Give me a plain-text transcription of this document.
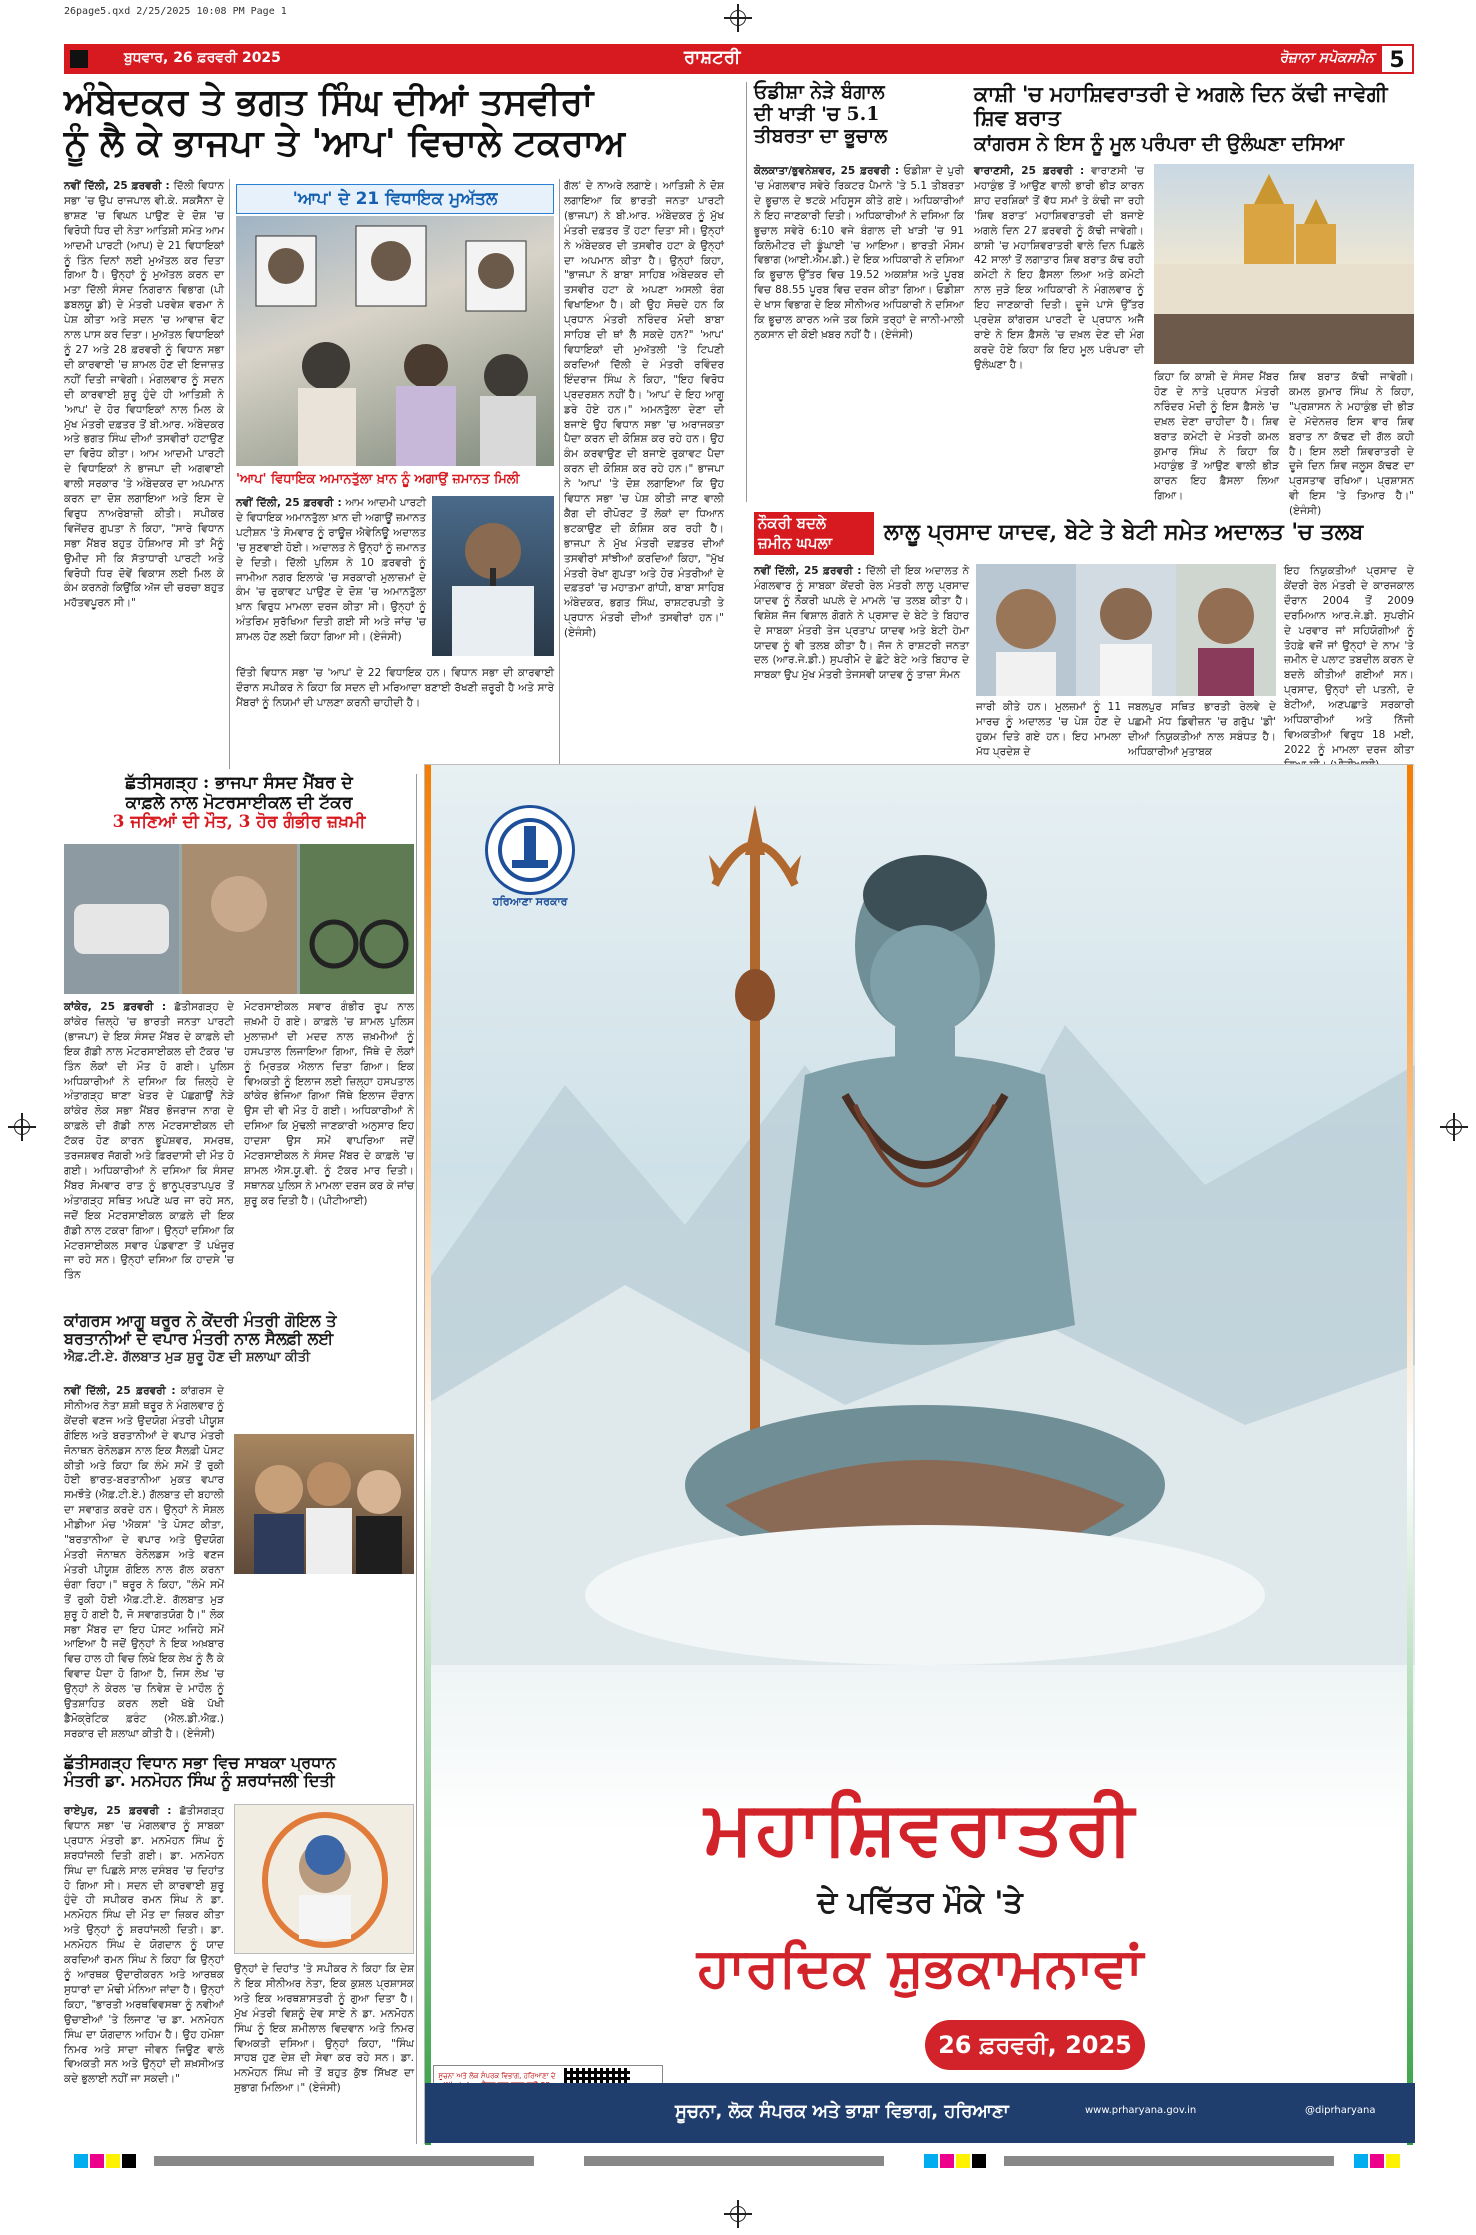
26page5.qxd 2/25/2025 10:08 PM Page 1
ਬੁਧਵਾਰ, 26 ਫ਼ਰਵਰੀ 2025	ਰਾਸ਼ਟਰੀ	ਰੋਜ਼ਾਨਾ ਸਪੋਕਸਮੈਨ 5
ਅੰਬੇਦਕਰ ਤੇ ਭਗਤ ਸਿੰਘ ਦੀਆਂ ਤਸਵੀਰਾਂ
ਨੂੰ ਲੈ ਕੇ ਭਾਜਪਾ ਤੇ 'ਆਪ' ਵਿਚਾਲੇ ਟਕਰਾਅ
ਨਵੀਂ ਦਿੱਲੀ, 25 ਫ਼ਰਵਰੀ : ਦਿੱਲੀ ਵਿਧਾਨ ਸਭਾ 'ਚ ਉਪ ਰਾਜਪਾਲ ਵੀ.ਕੇ. ਸਕਸੈਨਾ ਦੇ ਭਾਸ਼ਣ 'ਚ ਵਿਘਨ ਪਾਉਣ ਦੇ ਦੋਸ਼ 'ਚ ਵਿਰੋਧੀ ਧਿਰ ਦੀ ਨੇਤਾ ਆਤਿਸ਼ੀ ਸਮੇਤ ਆਮ ਆਦਮੀ ਪਾਰਟੀ (ਆਪ) ਦੇ 21 ਵਿਧਾਇਕਾਂ ਨੂੰ ਤਿੰਨ ਦਿਨਾਂ ਲਈ ਮੁਅੱਤਲ ਕਰ ਦਿਤਾ ਗਿਆ ਹੈ। ਉਨ੍ਹਾਂ ਨੂੰ ਮੁਅੱਤਲ ਕਰਨ ਦਾ ਮਤਾ ਦਿੱਲੀ ਸੰਸਦ ਨਿਗਰਾਨ ਵਿਭਾਗ (ਪੀ ਡਬਲਯੂ ਡੀ) ਦੇ ਮੰਤਰੀ ਪਰਵੇਸ਼ ਵਰਮਾ ਨੇ ਪੇਸ਼ ਕੀਤਾ ਅਤੇ ਸਦਨ 'ਚ ਆਵਾਜ਼ ਵੋਟ ਨਾਲ ਪਾਸ ਕਰ ਦਿਤਾ। ਮੁਅੱਤਲ ਵਿਧਾਇਕਾਂ ਨੂੰ 27 ਅਤੇ 28 ਫ਼ਰਵਰੀ ਨੂੰ ਵਿਧਾਨ ਸਭਾ ਦੀ ਕਾਰਵਾਈ 'ਚ ਸ਼ਾਮਲ ਹੋਣ ਦੀ ਇਜਾਜ਼ਤ ਨਹੀਂ ਦਿਤੀ ਜਾਵੇਗੀ। ਮੰਗਲਵਾਰ ਨੂੰ ਸਦਨ ਦੀ ਕਾਰਵਾਈ ਸ਼ੁਰੂ ਹੁੰਦੇ ਹੀ ਆਤਿਸ਼ੀ ਨੇ 'ਆਪ' ਦੇ ਹੋਰ ਵਿਧਾਇਕਾਂ ਨਾਲ ਮਿਲ ਕੇ ਮੁੱਖ ਮੰਤਰੀ ਦਫ਼ਤਰ ਤੋਂ ਬੀ.ਆਰ. ਅੰਬੇਦਕਰ ਅਤੇ ਭਗਤ ਸਿੰਘ ਦੀਆਂ ਤਸਵੀਰਾਂ ਹਟਾਉਣ ਦਾ ਵਿਰੋਧ ਕੀਤਾ। ਆਮ ਆਦਮੀ ਪਾਰਟੀ ਦੇ ਵਿਧਾਇਕਾਂ ਨੇ ਭਾਜਪਾ ਦੀ ਅਗਵਾਈ ਵਾਲੀ ਸਰਕਾਰ 'ਤੇ ਅੰਬੇਦਕਰ ਦਾ ਅਪਮਾਨ ਕਰਨ ਦਾ ਦੋਸ਼ ਲਗਾਇਆ ਅਤੇ ਇਸ ਦੇ ਵਿਰੁਧ ਨਾਅਰੇਬਾਜ਼ੀ ਕੀਤੀ। ਸਪੀਕਰ ਵਿਜੇਂਦਰ ਗੁਪਤਾ ਨੇ ਕਿਹਾ, "ਸਾਰੇ ਵਿਧਾਨ ਸਭਾ ਮੈਂਬਰ ਬਹੁਤ ਹੋਸ਼ਿਆਰ ਸੀ ਤਾਂ ਮੈਨੂੰ ਉਮੀਦ ਸੀ ਕਿ ਸੱਤਾਧਾਰੀ ਪਾਰਟੀ ਅਤੇ ਵਿਰੋਧੀ ਧਿਰ ਦੋਵੇਂ ਵਿਕਾਸ ਲਈ ਮਿਲ ਕੇ ਕੰਮ ਕਰਨਗੇ ਕਿਉਂਕਿ ਅੱਜ ਦੀ ਚਰਚਾ ਬਹੁਤ ਮਹੱਤਵਪੂਰਨ ਸੀ।"
'ਆਪ' ਦੇ 21 ਵਿਧਾਇਕ ਮੁਅੱਤਲ
ਗੱਲ' ਦੇ ਨਾਅਰੇ ਲਗਾਏ। ਆਤਿਸ਼ੀ ਨੇ ਦੋਸ਼ ਲਗਾਇਆ ਕਿ ਭਾਰਤੀ ਜਨਤਾ ਪਾਰਟੀ (ਭਾਜਪਾ) ਨੇ ਬੀ.ਆਰ. ਅੰਬੇਦਕਰ ਨੂੰ ਮੁੱਖ ਮੰਤਰੀ ਦਫ਼ਤਰ ਤੋਂ ਹਟਾ ਦਿਤਾ ਸੀ। ਉਨ੍ਹਾਂ ਨੇ ਅੰਬੇਦਕਰ ਦੀ ਤਸਵੀਰ ਹਟਾ ਕੇ ਉਨ੍ਹਾਂ ਦਾ ਅਪਮਾਨ ਕੀਤਾ ਹੈ। ਉਨ੍ਹਾਂ ਕਿਹਾ, "ਭਾਜਪਾ ਨੇ ਬਾਬਾ ਸਾਹਿਬ ਅੰਬੇਦਕਰ ਦੀ ਤਸਵੀਰ ਹਟਾ ਕੇ ਅਪਣਾ ਅਸਲੀ ਰੰਗ ਵਿਖਾਇਆ ਹੈ। ਕੀ ਉਹ ਸੋਚਦੇ ਹਨ ਕਿ ਪ੍ਰਧਾਨ ਮੰਤਰੀ ਨਰਿੰਦਰ ਮੋਦੀ ਬਾਬਾ ਸਾਹਿਬ ਦੀ ਥਾਂ ਲੈ ਸਕਦੇ ਹਨ?" 'ਆਪ' ਵਿਧਾਇਕਾਂ ਦੀ ਮੁਅੱਤਲੀ 'ਤੇ ਟਿਪਣੀ ਕਰਦਿਆਂ ਦਿੱਲੀ ਦੇ ਮੰਤਰੀ ਰਵਿੰਦਰ ਇੰਦਰਾਜ ਸਿੰਘ ਨੇ ਕਿਹਾ, "ਇਹ ਵਿਰੋਧ ਪ੍ਰਦਰਸ਼ਨ ਨਹੀਂ ਹੈ। 'ਆਪ' ਦੇ ਇਹ ਆਗੂ ਡਰੇ ਹੋਏ ਹਨ।" ਅਮਨਤੁੱਲਾ ਦੇਣਾ ਦੀ ਬਜਾਏ ਉਹ ਵਿਧਾਨ ਸਭਾ 'ਚ ਅਰਾਜਕਤਾ ਪੈਦਾ ਕਰਨ ਦੀ ਕੋਸ਼ਿਸ਼ ਕਰ ਰਹੇ ਹਨ। ਉਹ ਕੰਮ ਕਰਵਾਉਣ ਦੀ ਬਜਾਏ ਰੁਕਾਵਟ ਪੈਦਾ ਕਰਨ ਦੀ ਕੋਸ਼ਿਸ਼ ਕਰ ਰਹੇ ਹਨ।" ਭਾਜਪਾ ਨੇ 'ਆਪ' 'ਤੇ ਦੋਸ਼ ਲਗਾਇਆ ਕਿ ਉਹ ਵਿਧਾਨ ਸਭਾ 'ਚ ਪੇਸ਼ ਕੀਤੀ ਜਾਣ ਵਾਲੀ ਕੈਗ ਦੀ ਰੀਪੋਰਟ ਤੋਂ ਲੋਕਾਂ ਦਾ ਧਿਆਨ ਭਟਕਾਉਣ ਦੀ ਕੋਸ਼ਿਸ਼ ਕਰ ਰਹੀ ਹੈ। ਭਾਜਪਾ ਨੇ ਮੁੱਖ ਮੰਤਰੀ ਦਫ਼ਤਰ ਦੀਆਂ ਤਸਵੀਰਾਂ ਸਾਂਝੀਆਂ ਕਰਦਿਆਂ ਕਿਹਾ, "ਮੁੱਖ ਮੰਤਰੀ ਰੇਖਾ ਗੁਪਤਾ ਅਤੇ ਹੋਰ ਮੰਤਰੀਆਂ ਦੇ ਦਫ਼ਤਰਾਂ 'ਚ ਮਹਾਤਮਾ ਗਾਂਧੀ, ਬਾਬਾ ਸਾਹਿਬ ਅੰਬੇਦਕਰ, ਭਗਤ ਸਿੰਘ, ਰਾਸ਼ਟਰਪਤੀ ਤੇ ਪ੍ਰਧਾਨ ਮੰਤਰੀ ਦੀਆਂ ਤਸਵੀਰਾਂ ਹਨ।" (ਏਜੰਸੀ)
'ਆਪ' ਵਿਧਾਇਕ ਅਮਾਨਤੁੱਲਾ ਖ਼ਾਨ ਨੂੰ ਅਗਾਉਂ ਜ਼ਮਾਨਤ ਮਿਲੀ
ਨਵੀਂ ਦਿੱਲੀ, 25 ਫ਼ਰਵਰੀ : ਆਮ ਆਦਮੀ ਪਾਰਟੀ ਦੇ ਵਿਧਾਇਕ ਅਮਾਨਤੁੱਲਾ ਖ਼ਾਨ ਦੀ ਅਗਾਊਂ ਜ਼ਮਾਨਤ ਪਟੀਸ਼ਨ 'ਤੇ ਸੋਮਵਾਰ ਨੂੰ ਰਾਊਜ਼ ਐਵੇਨਿਊ ਅਦਾਲਤ 'ਚ ਸੁਣਵਾਈ ਹੋਈ। ਅਦਾਲਤ ਨੇ ਉਨ੍ਹਾਂ ਨੂੰ ਜ਼ਮਾਨਤ ਦੇ ਦਿਤੀ। ਦਿੱਲੀ ਪੁਲਿਸ ਨੇ 10 ਫ਼ਰਵਰੀ ਨੂੰ ਜਾਮੀਆ ਨਗਰ ਇਲਾਕੇ 'ਚ ਸਰਕਾਰੀ ਮੁਲਾਜ਼ਮਾਂ ਦੇ ਕੰਮ 'ਚ ਰੁਕਾਵਟ ਪਾਉਣ ਦੇ ਦੋਸ਼ 'ਚ ਅਮਾਨਤੁੱਲਾ ਖ਼ਾਨ ਵਿਰੁਧ ਮਾਮਲਾ ਦਰਜ ਕੀਤਾ ਸੀ। ਉਨ੍ਹਾਂ ਨੂੰ ਅੰਤਰਿਮ ਸੁਰੱਖਿਆ ਦਿਤੀ ਗਈ ਸੀ ਅਤੇ ਜਾਂਚ 'ਚ ਸ਼ਾਮਲ ਹੋਣ ਲਈ ਕਿਹਾ ਗਿਆ ਸੀ। (ਏਜੰਸੀ)
ਦਿੱਤੀ ਵਿਧਾਨ ਸਭਾ 'ਚ 'ਆਪ' ਦੇ 22 ਵਿਧਾਇਕ ਹਨ। ਵਿਧਾਨ ਸਭਾ ਦੀ ਕਾਰਵਾਈ ਦੌਰਾਨ ਸਪੀਕਰ ਨੇ ਕਿਹਾ ਕਿ ਸਦਨ ਦੀ ਮਰਿਆਦਾ ਬਣਾਈ ਰੱਖਣੀ ਜ਼ਰੂਰੀ ਹੈ ਅਤੇ ਸਾਰੇ ਮੈਂਬਰਾਂ ਨੂੰ ਨਿਯਮਾਂ ਦੀ ਪਾਲਣਾ ਕਰਨੀ ਚਾਹੀਦੀ ਹੈ।
ਓਡੀਸ਼ਾ ਨੇੜੇ ਬੰਗਾਲ
ਦੀ ਖਾੜੀ 'ਚ 5.1
ਤੀਬਰਤਾ ਦਾ ਭੂਚਾਲ
ਕੋਲਕਾਤਾ/ਭੁਵਨੇਸ਼ਵਰ, 25 ਫ਼ਰਵਰੀ : ਓਡੀਸ਼ਾ ਦੇ ਪੁਰੀ 'ਚ ਮੰਗਲਵਾਰ ਸਵੇਰੇ ਰਿਕਟਰ ਪੈਮਾਨੇ 'ਤੇ 5.1 ਤੀਬਰਤਾ ਦੇ ਭੂਚਾਲ ਦੇ ਝਟਕੇ ਮਹਿਸੂਸ ਕੀਤੇ ਗਏ। ਅਧਿਕਾਰੀਆਂ ਨੇ ਇਹ ਜਾਣਕਾਰੀ ਦਿਤੀ। ਅਧਿਕਾਰੀਆਂ ਨੇ ਦਸਿਆ ਕਿ ਭੂਚਾਲ ਸਵੇਰੇ 6:10 ਵਜੇ ਬੰਗਾਲ ਦੀ ਖਾੜੀ 'ਚ 91 ਕਿਲੋਮੀਟਰ ਦੀ ਡੂੰਘਾਈ 'ਚ ਆਇਆ। ਭਾਰਤੀ ਮੌਸਮ ਵਿਭਾਗ (ਆਈ.ਐਮ.ਡੀ.) ਦੇ ਇਕ ਅਧਿਕਾਰੀ ਨੇ ਦਸਿਆ ਕਿ ਭੂਚਾਲ ਉੱਤਰ ਵਿਚ 19.52 ਅਕਸ਼ਾਂਸ਼ ਅਤੇ ਪੂਰਬ ਵਿਚ 88.55 ਪੂਰਬ ਵਿਚ ਦਰਜ ਕੀਤਾ ਗਿਆ। ਓਡੀਸ਼ਾ ਦੇ ਖਾਸ ਵਿਭਾਗ ਦੇ ਇਕ ਸੀਨੀਅਰ ਅਧਿਕਾਰੀ ਨੇ ਦਸਿਆ ਕਿ ਭੂਚਾਲ ਕਾਰਨ ਅਜੇ ਤਕ ਕਿਸੇ ਤਰ੍ਹਾਂ ਦੇ ਜਾਨੀ-ਮਾਲੀ ਨੁਕਸਾਨ ਦੀ ਕੋਈ ਖ਼ਬਰ ਨਹੀਂ ਹੈ। (ਏਜੰਸੀ)
ਕਾਸ਼ੀ 'ਚ ਮਹਾਸ਼ਿਵਰਾਤਰੀ ਦੇ ਅਗਲੇ ਦਿਨ ਕੱਢੀ ਜਾਵੇਗੀ ਸ਼ਿਵ ਬਰਾਤ
ਕਾਂਗਰਸ ਨੇ ਇਸ ਨੂੰ ਮੂਲ ਪਰੰਪਰਾ ਦੀ ਉਲੰਘਣਾ ਦਸਿਆ
ਵਾਰਾਣਸੀ, 25 ਫ਼ਰਵਰੀ : ਵਾਰਾਣਸੀ 'ਚ ਮਹਾਕੁੰਭ ਤੋਂ ਆਉਣ ਵਾਲੀ ਭਾਰੀ ਭੀੜ ਕਾਰਨ ਸ਼ਾਹ ਦਰਸ਼ਿਕਾਂ ਤੋਂ ਵੱਧ ਸਮਾਂ ਤੇ ਕੰਢੀ ਜਾ ਰਹੀ 'ਸ਼ਿਵ ਬਰਾਤ' ਮਹਾਸ਼ਿਵਰਾਤਰੀ ਦੀ ਬਜਾਏ ਅਗਲੇ ਦਿਨ 27 ਫ਼ਰਵਰੀ ਨੂੰ ਕੱਢੀ ਜਾਵੇਗੀ। ਕਾਸ਼ੀ 'ਚ ਮਹਾਸ਼ਿਵਰਾਤਰੀ ਵਾਲੇ ਦਿਨ ਪਿਛਲੇ 42 ਸਾਲਾਂ ਤੋਂ ਲਗਾਤਾਰ ਸ਼ਿਵ ਬਰਾਤ ਕੱਢ ਰਹੀ ਕਮੇਟੀ ਨੇ ਇਹ ਫ਼ੈਸਲਾ ਲਿਆ ਅਤੇ ਕਮੇਟੀ ਨਾਲ ਜੁੜੇ ਇਕ ਅਧਿਕਾਰੀ ਨੇ ਮੰਗਲਵਾਰ ਨੂੰ ਇਹ ਜਾਣਕਾਰੀ ਦਿਤੀ। ਦੂਜੇ ਪਾਸੇ ਉੱਤਰ ਪ੍ਰਦੇਸ਼ ਕਾਂਗਰਸ ਪਾਰਟੀ ਦੇ ਪ੍ਰਧਾਨ ਅਜੈ ਰਾਏ ਨੇ ਇਸ ਫ਼ੈਸਲੇ 'ਚ ਦਖ਼ਲ ਦੇਣ ਦੀ ਮੰਗ ਕਰਦੇ ਹੋਏ ਕਿਹਾ ਕਿ ਇਹ ਮੂਲ ਪਰੰਪਰਾ ਦੀ ਉਲੰਘਣਾ ਹੈ।
ਕਿਹਾ ਕਿ ਕਾਸ਼ੀ ਦੇ ਸੰਸਦ ਮੈਂਬਰ ਹੋਣ ਦੇ ਨਾਤੇ ਪ੍ਰਧਾਨ ਮੰਤਰੀ ਨਰਿੰਦਰ ਮੋਦੀ ਨੂੰ ਇਸ ਫ਼ੈਸਲੇ 'ਚ ਦਖ਼ਲ ਦੇਣਾ ਚਾਹੀਦਾ ਹੈ। ਸ਼ਿਵ ਬਰਾਤ ਕਮੇਟੀ ਦੇ ਮੰਤਰੀ ਕਮਲ ਕੁਮਾਰ ਸਿੰਘ ਨੇ ਕਿਹਾ ਕਿ ਮਹਾਕੁੰਭ ਤੋਂ ਆਉਣ ਵਾਲੀ ਭੀੜ ਕਾਰਨ ਇਹ ਫ਼ੈਸਲਾ ਲਿਆ ਗਿਆ।
ਸ਼ਿਵ ਬਰਾਤ ਕੱਢੀ ਜਾਵੇਗੀ। ਕਮਲ ਕੁਮਾਰ ਸਿੰਘ ਨੇ ਕਿਹਾ, "ਪ੍ਰਸ਼ਾਸਨ ਨੇ ਮਹਾਕੁੰਭ ਦੀ ਭੀੜ ਦੇ ਮੱਦੇਨਜ਼ਰ ਇਸ ਵਾਰ ਸ਼ਿਵ ਬਰਾਤ ਨਾ ਕੱਢਣ ਦੀ ਗੱਲ ਕਹੀ ਹੈ। ਇਸ ਲਈ ਸ਼ਿਵਰਾਤਰੀ ਦੇ ਦੂਜੇ ਦਿਨ ਸ਼ਿਵ ਜਲੂਸ ਕੱਢਣ ਦਾ ਪ੍ਰਸਤਾਵ ਰਖਿਆ। ਪ੍ਰਸ਼ਾਸਨ ਵੀ ਇਸ 'ਤੇ ਤਿਆਰ ਹੈ।" (ਏਜੰਸੀ)
ਨੌਕਰੀ ਬਦਲੇ
ਜ਼ਮੀਨ ਘਪਲਾ	ਲਾਲੂ ਪ੍ਰਸਾਦ ਯਾਦਵ, ਬੇਟੇ ਤੇ ਬੇਟੀ ਸਮੇਤ ਅਦਾਲਤ 'ਚ ਤਲਬ
ਨਵੀਂ ਦਿੱਲੀ, 25 ਫ਼ਰਵਰੀ : ਦਿੱਲੀ ਦੀ ਇਕ ਅਦਾਲਤ ਨੇ ਮੰਗਲਵਾਰ ਨੂੰ ਸਾਬਕਾ ਕੇਂਦਰੀ ਰੇਲ ਮੰਤਰੀ ਲਾਲੂ ਪ੍ਰਸਾਦ ਯਾਦਵ ਨੂੰ ਨੌਕਰੀ ਘਪਲੇ ਦੇ ਮਾਮਲੇ 'ਚ ਤਲਬ ਕੀਤਾ ਹੈ। ਵਿਸ਼ੇਸ਼ ਜੱਜ ਵਿਸ਼ਾਲ ਗੋਗਨੇ ਨੇ ਪ੍ਰਸਾਦ ਦੇ ਬੇਟੇ ਤੇ ਬਿਹਾਰ ਦੇ ਸਾਬਕਾ ਮੰਤਰੀ ਤੇਜ ਪ੍ਰਤਾਪ ਯਾਦਵ ਅਤੇ ਬੇਟੀ ਹੇਮਾ ਯਾਦਵ ਨੂੰ ਵੀ ਤਲਬ ਕੀਤਾ ਹੈ। ਜੱਜ ਨੇ ਰਾਸ਼ਟਰੀ ਜਨਤਾ ਦਲ (ਆਰ.ਜੇ.ਡੀ.) ਸੁਪਰੀਮੋ ਦੇ ਛੋਟੇ ਬੇਟੇ ਅਤੇ ਬਿਹਾਰ ਦੇ ਸਾਬਕਾ ਉਪ ਮੁੱਖ ਮੰਤਰੀ ਤੇਜਸਵੀ ਯਾਦਵ ਨੂੰ ਤਾਜ਼ਾ ਸੰਮਨ
ਜਾਰੀ ਕੀਤੇ ਹਨ। ਮੁਲਜ਼ਮਾਂ ਨੂੰ 11 ਮਾਰਚ ਨੂੰ ਅਦਾਲਤ 'ਚ ਪੇਸ਼ ਹੋਣ ਦੇ ਹੁਕਮ ਦਿਤੇ ਗਏ ਹਨ। ਇਹ ਮਾਮਲਾ ਮੱਧ ਪ੍ਰਦੇਸ਼ ਦੇ
ਜਬਲਪੁਰ ਸਥਿਤ ਭਾਰਤੀ ਰੇਲਵੇ ਦੇ ਪਛਮੀ ਮੱਧ ਡਿਵੀਜ਼ਨ 'ਚ ਗਰੁੱਪ 'ਡੀ' ਦੀਆਂ ਨਿਯੁਕਤੀਆਂ ਨਾਲ ਸਬੰਧਤ ਹੈ। ਅਧਿਕਾਰੀਆਂ ਮੁਤਾਬਕ
ਇਹ ਨਿਯੁਕਤੀਆਂ ਪ੍ਰਸਾਦ ਦੇ ਕੇਂਦਰੀ ਰੇਲ ਮੰਤਰੀ ਦੇ ਕਾਰਜਕਾਲ ਦੌਰਾਨ 2004 ਤੋਂ 2009 ਦਰਮਿਆਨ ਆਰ.ਜੇ.ਡੀ. ਸੁਪਰੀਮੋ ਦੇ ਪਰਵਾਰ ਜਾਂ ਸਹਿਯੋਗੀਆਂ ਨੂੰ ਤੋਹਫ਼ੇ ਵਜੋਂ ਜਾਂ ਉਨ੍ਹਾਂ ਦੇ ਨਾਮ 'ਤੇ ਜ਼ਮੀਨ ਦੇ ਪਲਾਟ ਤਬਦੀਲ ਕਰਨ ਦੇ ਬਦਲੇ ਕੀਤੀਆਂ ਗਈਆਂ ਸਨ। ਪ੍ਰਸਾਦ, ਉਨ੍ਹਾਂ ਦੀ ਪਤਨੀ, ਦੋ ਬੇਟੀਆਂ, ਅਣਪਛਾਤੇ ਸਰਕਾਰੀ ਅਧਿਕਾਰੀਆਂ ਅਤੇ ਨਿੱਜੀ ਵਿਅਕਤੀਆਂ ਵਿਰੁਧ 18 ਮਈ, 2022 ਨੂੰ ਮਾਮਲਾ ਦਰਜ ਕੀਤਾ
ਛੱਤੀਸਗੜ੍ਹ : ਭਾਜਪਾ ਸੰਸਦ ਮੈਂਬਰ ਦੇ
ਕਾਫ਼ਲੇ ਨਾਲ ਮੋਟਰਸਾਈਕਲ ਦੀ ਟੱਕਰ
3 ਜਣਿਆਂ ਦੀ ਮੌਤ, 3 ਹੋਰ ਗੰਭੀਰ ਜ਼ਖ਼ਮੀ
ਕਾਂਕੇਰ, 25 ਫ਼ਰਵਰੀ : ਛੱਤੀਸਗੜ੍ਹ ਦੇ ਕਾਂਕੇਰ ਜ਼ਿਲ੍ਹੇ 'ਚ ਭਾਰਤੀ ਜਨਤਾ ਪਾਰਟੀ (ਭਾਜਪਾ) ਦੇ ਇਕ ਸੰਸਦ ਮੈਂਬਰ ਦੇ ਕਾਫ਼ਲੇ ਦੀ ਇਕ ਗੱਡੀ ਨਾਲ ਮੋਟਰਸਾਈਕਲ ਦੀ ਟੱਕਰ 'ਚ ਤਿੰਨ ਲੋਕਾਂ ਦੀ ਮੌਤ ਹੋ ਗਈ। ਪੁਲਿਸ ਅਧਿਕਾਰੀਆਂ ਨੇ ਦਸਿਆ ਕਿ ਜ਼ਿਲ੍ਹੇ ਦੇ ਅੰਤਾਗੜ੍ਹ ਥਾਣਾ ਖੇਤਰ ਦੇ ਪੱਛਗਾਉਂ ਨੇੜੇ ਕਾਂਕੇਰ ਲੋਕ ਸਭਾ ਮੈਂਬਰ ਭੋਜਰਾਜ ਨਾਗ ਦੇ ਕਾਫ਼ਲੇ ਦੀ ਗੱਡੀ ਨਾਲ ਮੋਟਰਸਾਈਕਲ ਦੀ ਟੱਕਰ ਹੋਣ ਕਾਰਨ ਭੂਪੇਸ਼ਵਰ, ਸਮਰਥ, ਤਰਜਸ਼ਵਰ ਜੱਗਰੀ ਅਤੇ ਫ਼ਿਰਦਾਸੀ ਦੀ ਮੌਤ ਹੋ ਗਈ। ਅਧਿਕਾਰੀਆਂ ਨੇ ਦਸਿਆ ਕਿ ਸੰਸਦ ਮੈਂਬਰ ਸੋਮਵਾਰ ਰਾਤ ਨੂੰ ਭਾਨੂਪ੍ਰਤਾਪਪੁਰ ਤੋਂ ਅੰਤਾਗੜ੍ਹ ਸਥਿਤ ਅਪਣੇ ਘਰ ਜਾ ਰਹੇ ਸਨ, ਜਦੋਂ ਇਕ ਮੋਟਰਸਾਈਕਲ ਕਾਫ਼ਲੇ ਦੀ ਇਕ ਗੱਡੀ ਨਾਲ ਟਕਰਾ ਗਿਆ। ਉਨ੍ਹਾਂ ਦਸਿਆ ਕਿ ਮੋਟਰਸਾਈਕਲ ਸਵਾਰ ਪੰਡਵਾਣਾ ਤੋਂ ਪਖੰਜੂਰ ਜਾ ਰਹੇ ਸਨ। ਉਨ੍ਹਾਂ ਦਸਿਆ ਕਿ ਹਾਦਸੇ 'ਚ ਤਿੰਨ
ਮੋਟਰਸਾਈਕਲ ਸਵਾਰ ਗੰਭੀਰ ਰੂਪ ਨਾਲ ਜ਼ਖ਼ਮੀ ਹੋ ਗਏ। ਕਾਫ਼ਲੇ 'ਚ ਸ਼ਾਮਲ ਪੁਲਿਸ ਮੁਲਾਜ਼ਮਾਂ ਦੀ ਮਦਦ ਨਾਲ ਜ਼ਖ਼ਮੀਆਂ ਨੂੰ ਹਸਪਤਾਲ ਲਿਜਾਇਆ ਗਿਆ, ਜਿੱਥੇ ਦੋ ਲੋਕਾਂ ਨੂੰ ਮ੍ਰਿਤਕ ਐਲਾਨ ਦਿਤਾ ਗਿਆ। ਇਕ ਵਿਅਕਤੀ ਨੂੰ ਇਲਾਜ ਲਈ ਜ਼ਿਲ੍ਹਾ ਹਸਪਤਾਲ ਕਾਂਕੇਰ ਭੇਜਿਆ ਗਿਆ ਜਿੱਥੇ ਇਲਾਜ ਦੌਰਾਨ ਉਸ ਦੀ ਵੀ ਮੌਤ ਹੋ ਗਈ। ਅਧਿਕਾਰੀਆਂ ਨੇ ਦਸਿਆ ਕਿ ਮੁੱਢਲੀ ਜਾਣਕਾਰੀ ਅਨੁਸਾਰ ਇਹ ਹਾਦਸਾ ਉਸ ਸਮੇਂ ਵਾਪਰਿਆ ਜਦੋਂ ਮੋਟਰਸਾਈਕਲ ਨੇ ਸੰਸਦ ਮੈਂਬਰ ਦੇ ਕਾਫ਼ਲੇ 'ਚ ਸ਼ਾਮਲ ਐਸ.ਯੂ.ਵੀ. ਨੂੰ ਟੱਕਰ ਮਾਰ ਦਿਤੀ। ਸਥਾਨਕ ਪੁਲਿਸ ਨੇ ਮਾਮਲਾ ਦਰਜ ਕਰ ਕੇ ਜਾਂਚ ਸ਼ੁਰੂ ਕਰ ਦਿਤੀ ਹੈ। (ਪੀਟੀਆਈ)
ਕਾਂਗਰਸ ਆਗੂ ਥਰੂਰ ਨੇ ਕੇਂਦਰੀ ਮੰਤਰੀ ਗੋਇਲ ਤੇ
ਬਰਤਾਨੀਆਂ ਦੇ ਵਪਾਰ ਮੰਤਰੀ ਨਾਲ ਸੈਲਫ਼ੀ ਲਈ
ਐਫ਼.ਟੀ.ਏ. ਗੱਲਬਾਤ ਮੁੜ ਸ਼ੁਰੂ ਹੋਣ ਦੀ ਸ਼ਲਾਘਾ ਕੀਤੀ
ਨਵੀਂ ਦਿੱਲੀ, 25 ਫ਼ਰਵਰੀ : ਕਾਂਗਰਸ ਦੇ ਸੀਨੀਅਰ ਨੇਤਾ ਸ਼ਸ਼ੀ ਥਰੂਰ ਨੇ ਮੰਗਲਵਾਰ ਨੂੰ ਕੇਂਦਰੀ ਵਣਜ ਅਤੇ ਉਦਯੋਗ ਮੰਤਰੀ ਪੀਯੂਸ਼ ਗੋਇਲ ਅਤੇ ਬਰਤਾਨੀਆਂ ਦੇ ਵਪਾਰ ਮੰਤਰੀ ਜੋਨਾਥਨ ਰੇਨੋਲਡਸ ਨਾਲ ਇਕ ਸੈਲਫ਼ੀ ਪੋਸਟ ਕੀਤੀ ਅਤੇ ਕਿਹਾ ਕਿ ਲੰਮੇ ਸਮੇਂ ਤੋਂ ਰੁਕੀ ਹੋਈ ਭਾਰਤ-ਬਰਤਾਨੀਆ ਮੁਕਤ ਵਪਾਰ ਸਮਝੌਤੇ (ਐਫ਼.ਟੀ.ਏ.) ਗੱਲਬਾਤ ਦੀ ਬਹਾਲੀ ਦਾ ਸਵਾਗਤ ਕਰਦੇ ਹਨ। ਉਨ੍ਹਾਂ ਨੇ ਸੋਸ਼ਲ ਮੀਡੀਆ ਮੰਚ 'ਐਕਸ' 'ਤੇ ਪੋਸਟ ਕੀਤਾ, "ਬਰਤਾਨੀਆ ਦੇ ਵਪਾਰ ਅਤੇ ਉਦਯੋਗ ਮੰਤਰੀ ਜੋਨਾਥਨ ਰੇਨੋਲਡਸ ਅਤੇ ਵਣਜ ਮੰਤਰੀ ਪੀਯੂਸ਼ ਗੋਇਲ ਨਾਲ ਗੱਲ ਕਰਨਾ ਚੰਗਾ ਰਿਹਾ।" ਥਰੂਰ ਨੇ ਕਿਹਾ, "ਲੰਮੇ ਸਮੇਂ ਤੋਂ ਰੁਕੀ ਹੋਈ ਐਫ਼.ਟੀ.ਏ. ਗੱਲਬਾਤ ਮੁੜ ਸ਼ੁਰੂ ਹੋ ਗਈ ਹੈ, ਜੋ ਸਵਾਗਤਯੋਗ ਹੈ।" ਲੋਕ ਸਭਾ ਮੈਂਬਰ ਦਾ ਇਹ ਪੋਸਟ ਅਜਿਹੇ ਸਮੇਂ ਆਇਆ ਹੈ ਜਦੋਂ ਉਨ੍ਹਾਂ ਨੇ ਇਕ ਅਖ਼ਬਾਰ ਵਿਚ ਹਾਲ ਹੀ ਵਿਚ ਲਿਖੇ ਇਕ ਲੇਖ ਨੂੰ ਲੈ ਕੇ ਵਿਵਾਦ ਪੈਦਾ ਹੋ ਗਿਆ ਹੈ, ਜਿਸ ਲੇਖ 'ਚ ਉਨ੍ਹਾਂ ਨੇ ਕੇਰਲ 'ਚ ਨਿਵੇਸ਼ ਦੇ ਮਾਹੌਲ ਨੂੰ ਉਤਸ਼ਾਹਿਤ ਕਰਨ ਲਈ ਖੱਬੇ ਪੱਖੀ ਡੈਮੋਕ੍ਰੇਟਿਕ ਫ਼ਰੰਟ (ਐਲ.ਡੀ.ਐਫ਼.) ਸਰਕਾਰ ਦੀ ਸ਼ਲਾਘਾ ਕੀਤੀ ਹੈ। (ਏਜੰਸੀ)
ਛੱਤੀਸਗੜ੍ਹ ਵਿਧਾਨ ਸਭਾ ਵਿਚ ਸਾਬਕਾ ਪ੍ਰਧਾਨ
ਮੰਤਰੀ ਡਾ. ਮਨਮੋਹਨ ਸਿੰਘ ਨੂੰ ਸ਼ਰਧਾਂਜਲੀ ਦਿਤੀ
ਰਾਏਪੁਰ, 25 ਫ਼ਰਵਰੀ : ਛੱਤੀਸਗੜ੍ਹ ਵਿਧਾਨ ਸਭਾ 'ਚ ਮੰਗਲਵਾਰ ਨੂੰ ਸਾਬਕਾ ਪ੍ਰਧਾਨ ਮੰਤਰੀ ਡਾ. ਮਨਮੋਹਨ ਸਿੰਘ ਨੂੰ ਸ਼ਰਧਾਂਜਲੀ ਦਿਤੀ ਗਈ। ਡਾ. ਮਨਮੋਹਨ ਸਿੰਘ ਦਾ ਪਿਛਲੇ ਸਾਲ ਦਸੰਬਰ 'ਚ ਦਿਹਾਂਤ ਹੋ ਗਿਆ ਸੀ। ਸਦਨ ਦੀ ਕਾਰਵਾਈ ਸ਼ੁਰੂ ਹੁੰਦੇ ਹੀ ਸਪੀਕਰ ਰਮਨ ਸਿੰਘ ਨੇ ਡਾ. ਮਨਮੋਹਨ ਸਿੰਘ ਦੀ ਮੌਤ ਦਾ ਜ਼ਿਕਰ ਕੀਤਾ ਅਤੇ ਉਨ੍ਹਾਂ ਨੂੰ ਸ਼ਰਧਾਂਜਲੀ ਦਿਤੀ। ਡਾ. ਮਨਮੋਹਨ ਸਿੰਘ ਦੇ ਯੋਗਦਾਨ ਨੂੰ ਯਾਦ ਕਰਦਿਆਂ ਰਮਨ ਸਿੰਘ ਨੇ ਕਿਹਾ ਕਿ ਉਨ੍ਹਾਂ ਨੂੰ ਆਰਥਕ ਉਦਾਰੀਕਰਨ ਅਤੇ ਆਰਥਕ ਸੁਧਾਰਾਂ ਦਾ ਮੋਢੀ ਮੰਨਿਆ ਜਾਂਦਾ ਹੈ। ਉਨ੍ਹਾਂ ਕਿਹਾ, "ਭਾਰਤੀ ਅਰਥਵਿਵਸਥਾ ਨੂੰ ਨਵੀਆਂ ਉਚਾਈਆਂ 'ਤੇ ਲਿਜਾਣ 'ਚ ਡਾ. ਮਨਮੋਹਨ ਸਿੰਘ ਦਾ ਯੋਗਦਾਨ ਅਹਿਮ ਹੈ। ਉਹ ਹਮੇਸ਼ਾ ਨਿਮਰ ਅਤੇ ਸਾਦਾ ਜੀਵਨ ਜਿਊਣ ਵਾਲੇ ਵਿਅਕਤੀ ਸਨ ਅਤੇ ਉਨ੍ਹਾਂ ਦੀ ਸ਼ਖ਼ਸੀਅਤ ਕਦੇ ਭੁਲਾਈ ਨਹੀਂ ਜਾ ਸਕਦੀ।"
ਉਨ੍ਹਾਂ ਦੇ ਦਿਹਾਂਤ 'ਤੇ ਸਪੀਕਰ ਨੇ ਕਿਹਾ ਕਿ ਦੇਸ਼ ਨੇ ਇਕ ਸੀਨੀਅਰ ਨੇਤਾ, ਇਕ ਕੁਸ਼ਲ ਪ੍ਰਸ਼ਾਸਕ ਅਤੇ ਇਕ ਅਰਥਸ਼ਾਸਤਰੀ ਨੂੰ ਗੁਆ ਦਿਤਾ ਹੈ। ਮੁੱਖ ਮੰਤਰੀ ਵਿਸ਼ਨੂੰ ਦੇਵ ਸਾਏ ਨੇ ਡਾ. ਮਨਮੋਹਨ ਸਿੰਘ ਨੂੰ ਇਕ ਸ਼ਮੀਲਾਲ ਵਿਦਵਾਨ ਅਤੇ ਨਿਮਰ ਵਿਅਕਤੀ ਦਸਿਆ। ਉਨ੍ਹਾਂ ਕਿਹਾ, "ਸਿੰਘ ਸਾਹਬ ਹੁਣ ਦੇਸ਼ ਦੀ ਸੇਵਾ ਕਰ ਰਹੇ ਸਨ। ਡਾ. ਮਨਮੋਹਨ ਸਿੰਘ ਜੀ ਤੋਂ ਬਹੁਤ ਕੁੱਝ ਸਿੱਖਣ ਦਾ ਸੁਭਾਗ ਮਿਲਿਆ।" (ਏਜੰਸੀ)
ਹਰਿਆਣਾ ਸਰਕਾਰ
ਮਹਾਸ਼ਿਵਰਾਤਰੀ
ਦੇ ਪਵਿੱਤਰ ਮੌਕੇ 'ਤੇ
ਹਾਰਦਿਕ ਸ਼ੁਭਕਾਮਨਾਵਾਂ
26 ਫ਼ਰਵਰੀ, 2025
ਸੂਚਨਾ ਅਤੇ ਲੋਕ ਸੰਪਰਕ ਵਿਭਾਗ, ਹਰਿਆਣਾ ਦੇ
ਸੂਚਨਾ, ਲੋਕ ਸੰਪਰਕ ਅਤੇ ਭਾਸ਼ਾ ਵਿਭਾਗ, ਹਰਿਆਣਾ	www.prharyana.gov.in	@diprharyana
